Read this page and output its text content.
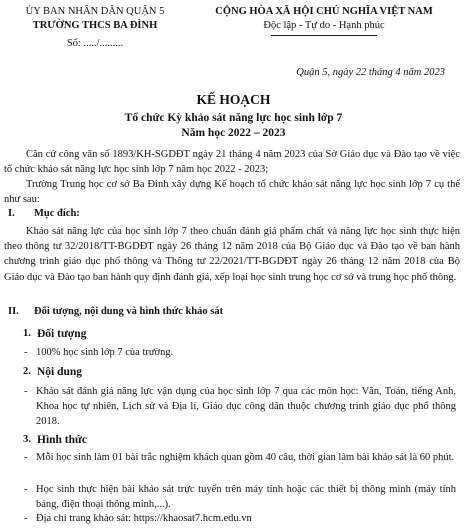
ỦY BAN NHÂN DÂN QUẬN 5
TRƯỜNG THCS BA ĐÌNH
Số: ...../.........
CỘNG HÒA XÃ HỘI CHỦ NGHĨA VIỆT NAM
Độc lập - Tự do - Hạnh phúc
Quận 5, ngày 22 tháng 4 năm 2023
KẾ HOẠCH
Tổ chức Kỳ khảo sát năng lực học sinh lớp 7
Năm học 2022 – 2023
Căn cứ công văn số 1893/KH-SGDĐT ngày 21 tháng 4 năm 2023 của Sở Giáo dục và Đào tạo về việc tổ chức khảo sát năng lực học sinh lớp 7 năm học 2022 - 2023;
Trường Trung học cơ sở Ba Đình xây dựng Kế hoạch tổ chức khảo sát năng lực học sinh lớp 7 cụ thể như sau:
I. Mục đích:
Khảo sát năng lực của học sinh lớp 7 theo chuẩn đánh giá phẩm chất và năng lực học sinh thực hiện theo thông tư 32/2018/TT-BGDĐT ngày 26 tháng 12 năm 2018 của Bộ Giáo dục và Đào tạo về ban hành chương trình giáo dục phổ thông và Thông tư 22/2021/TT-BGDĐT ngày 26 tháng 12 năm 2018 của Bộ Giáo dục và Đào tạo ban hành quy định đánh giá, xếp loại học sinh trung học cơ sở và trung học phổ thông.
II. Đối tượng, nội dung và hình thức khảo sát
1. Đối tượng
- 100% học sinh lớp 7 của trường.
2. Nội dung
- Khảo sát đánh giá năng lực vận dụng của học sinh lớp 7 qua các môn học: Văn, Toán, tiếng Anh, Khoa học tự nhiên, Lịch sử và Địa lí, Giáo dục công dân thuộc chương trình giáo dục phổ thông 2018.
3. Hình thức
- Mỗi học sinh làm 01 bài trắc nghiệm khách quan gồm 40 câu, thời gian làm bài khảo sát là 60 phút.
- Học sinh thực hiện bài khảo sát trực tuyến trên máy tính hoặc các thiết bị thông minh (máy tính bảng, điện thoại thông minh,...).
- Địa chỉ trang khảo sát: https://khaosat7.hcm.edu.vn
